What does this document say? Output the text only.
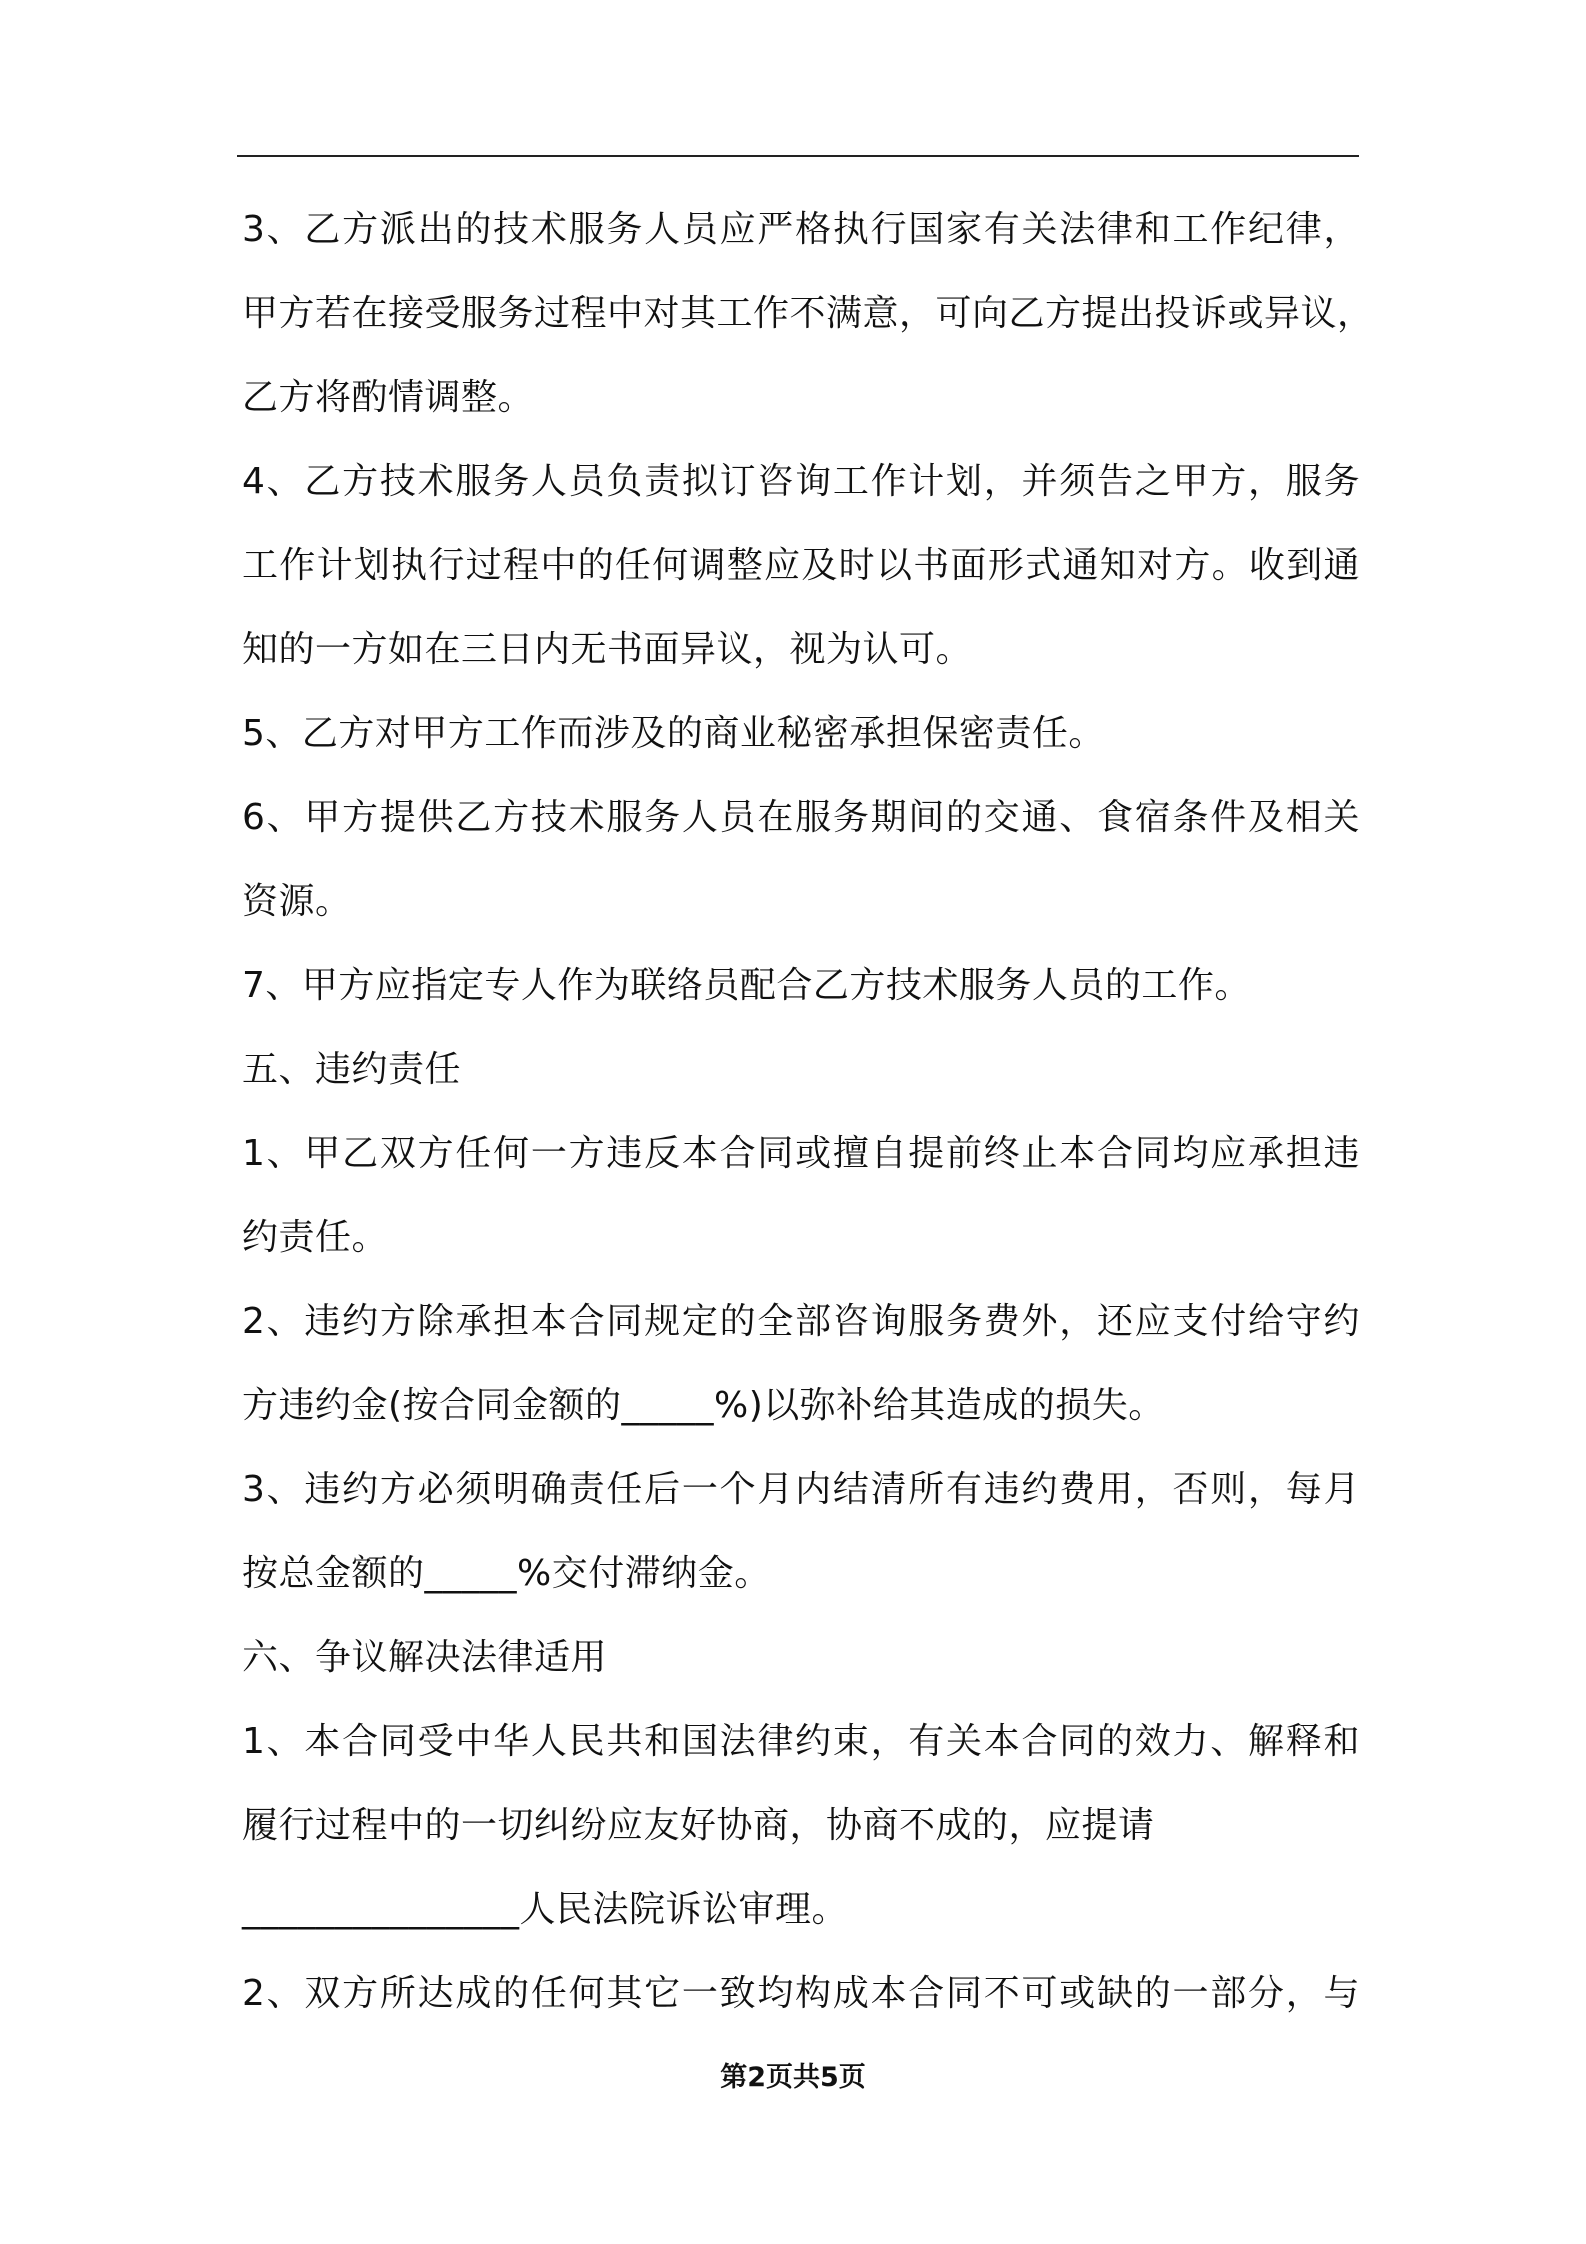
3、乙方派出的技术服务人员应严格执行国家有关法律和工作纪律，
甲方若在接受服务过程中对其工作不满意，可向乙方提出投诉或异议，
乙方将酌情调整。
4、乙方技术服务人员负责拟订咨询工作计划，并须告之甲方，服务
工作计划执行过程中的任何调整应及时以书面形式通知对方。收到通
知的一方如在三日内无书面异议，视为认可。
5、乙方对甲方工作而涉及的商业秘密承担保密责任。
6、甲方提供乙方技术服务人员在服务期间的交通、食宿条件及相关
资源。
7、甲方应指定专人作为联络员配合乙方技术服务人员的工作。
五、违约责任
1、甲乙双方任何一方违反本合同或擅自提前终止本合同均应承担违
约责任。
2、违约方除承担本合同规定的全部咨询服务费外，还应支付给守约
方违约金(按合同金额的_____%)以弥补给其造成的损失。
3、违约方必须明确责任后一个月内结清所有违约费用，否则，每月
按总金额的_____%交付滞纳金。
六、争议解决法律适用
1、本合同受中华人民共和国法律约束，有关本合同的效力、解释和
履行过程中的一切纠纷应友好协商，协商不成的，应提请
_______________人民法院诉讼审理。
2、双方所达成的任何其它一致均构成本合同不可或缺的一部分，与
第2页共5页
